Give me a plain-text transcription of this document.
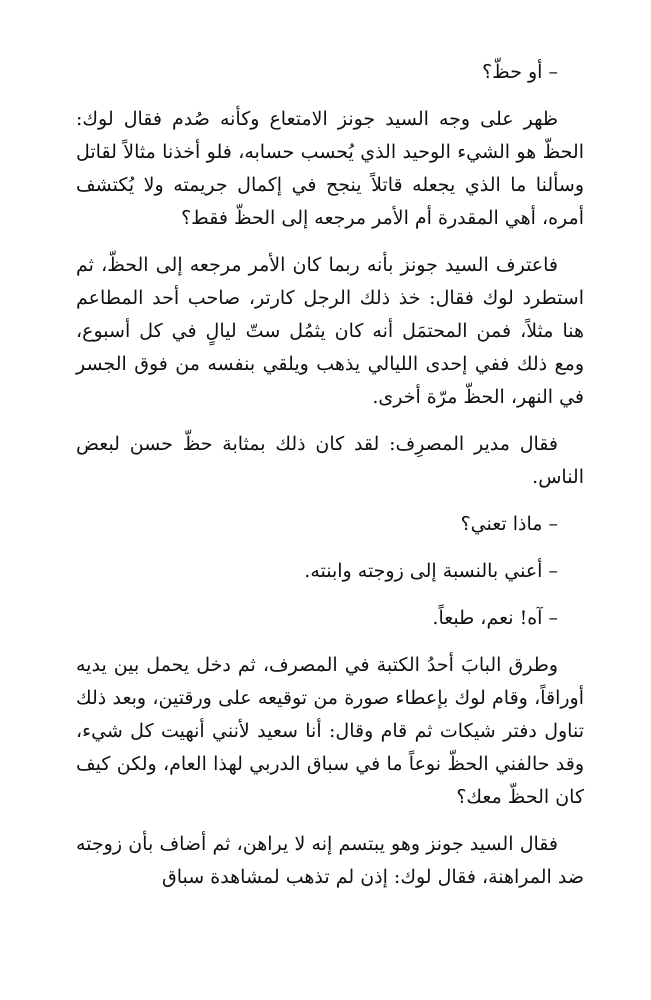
– أو حظّ؟

ظهر على وجه السيد جونز الامتعاع وكأنه صُدم فقال لوك: الحظّ هو الشيء الوحيد الذي يُحسب حسابه، فلو أخذنا مثالاً لقاتل وسألنا ما الذي يجعله قاتلاً ينجح في إكمال جريمته ولا يُكتشف أمره، أهي المقدرة أم الأمر مرجعه إلى الحظّ فقط؟

فاعترف السيد جونز بأنه ربما كان الأمر مرجعه إلى الحظّ، ثم استطرد لوك فقال: خذ ذلك الرجل كارتر، صاحب أحد المطاعم هنا مثلاً، فمن المحتمَل أنه كان يثمُل ستّ ليالٍ في كل أسبوع، ومع ذلك ففي إحدى الليالي يذهب ويلقي بنفسه من فوق الجسر في النهر، الحظّ مرّة أخرى.

فقال مدير المصرِف: لقد كان ذلك بمثابة حظّ حسن لبعض الناس.

– ماذا تعني؟

– أعني بالنسبة إلى زوجته وابنته.

– آه! نعم، طبعاً.

وطرق البابَ أحدُ الكتبة في المصرف، ثم دخل يحمل بين يديه أوراقاً، وقام لوك بإعطاء صورة من توقيعه على ورقتين، وبعد ذلك تناول دفتر شيكات ثم قام وقال: أنا سعيد لأنني أنهيت كل شيء، وقد حالفني الحظّ نوعاً ما في سباق الدربي لهذا العام، ولكن كيف كان الحظّ معك؟

فقال السيد جونز وهو يبتسم إنه لا يراهن، ثم أضاف بأن زوجته ضد المراهنة، فقال لوك: إذن لم تذهب لمشاهدة سباق
